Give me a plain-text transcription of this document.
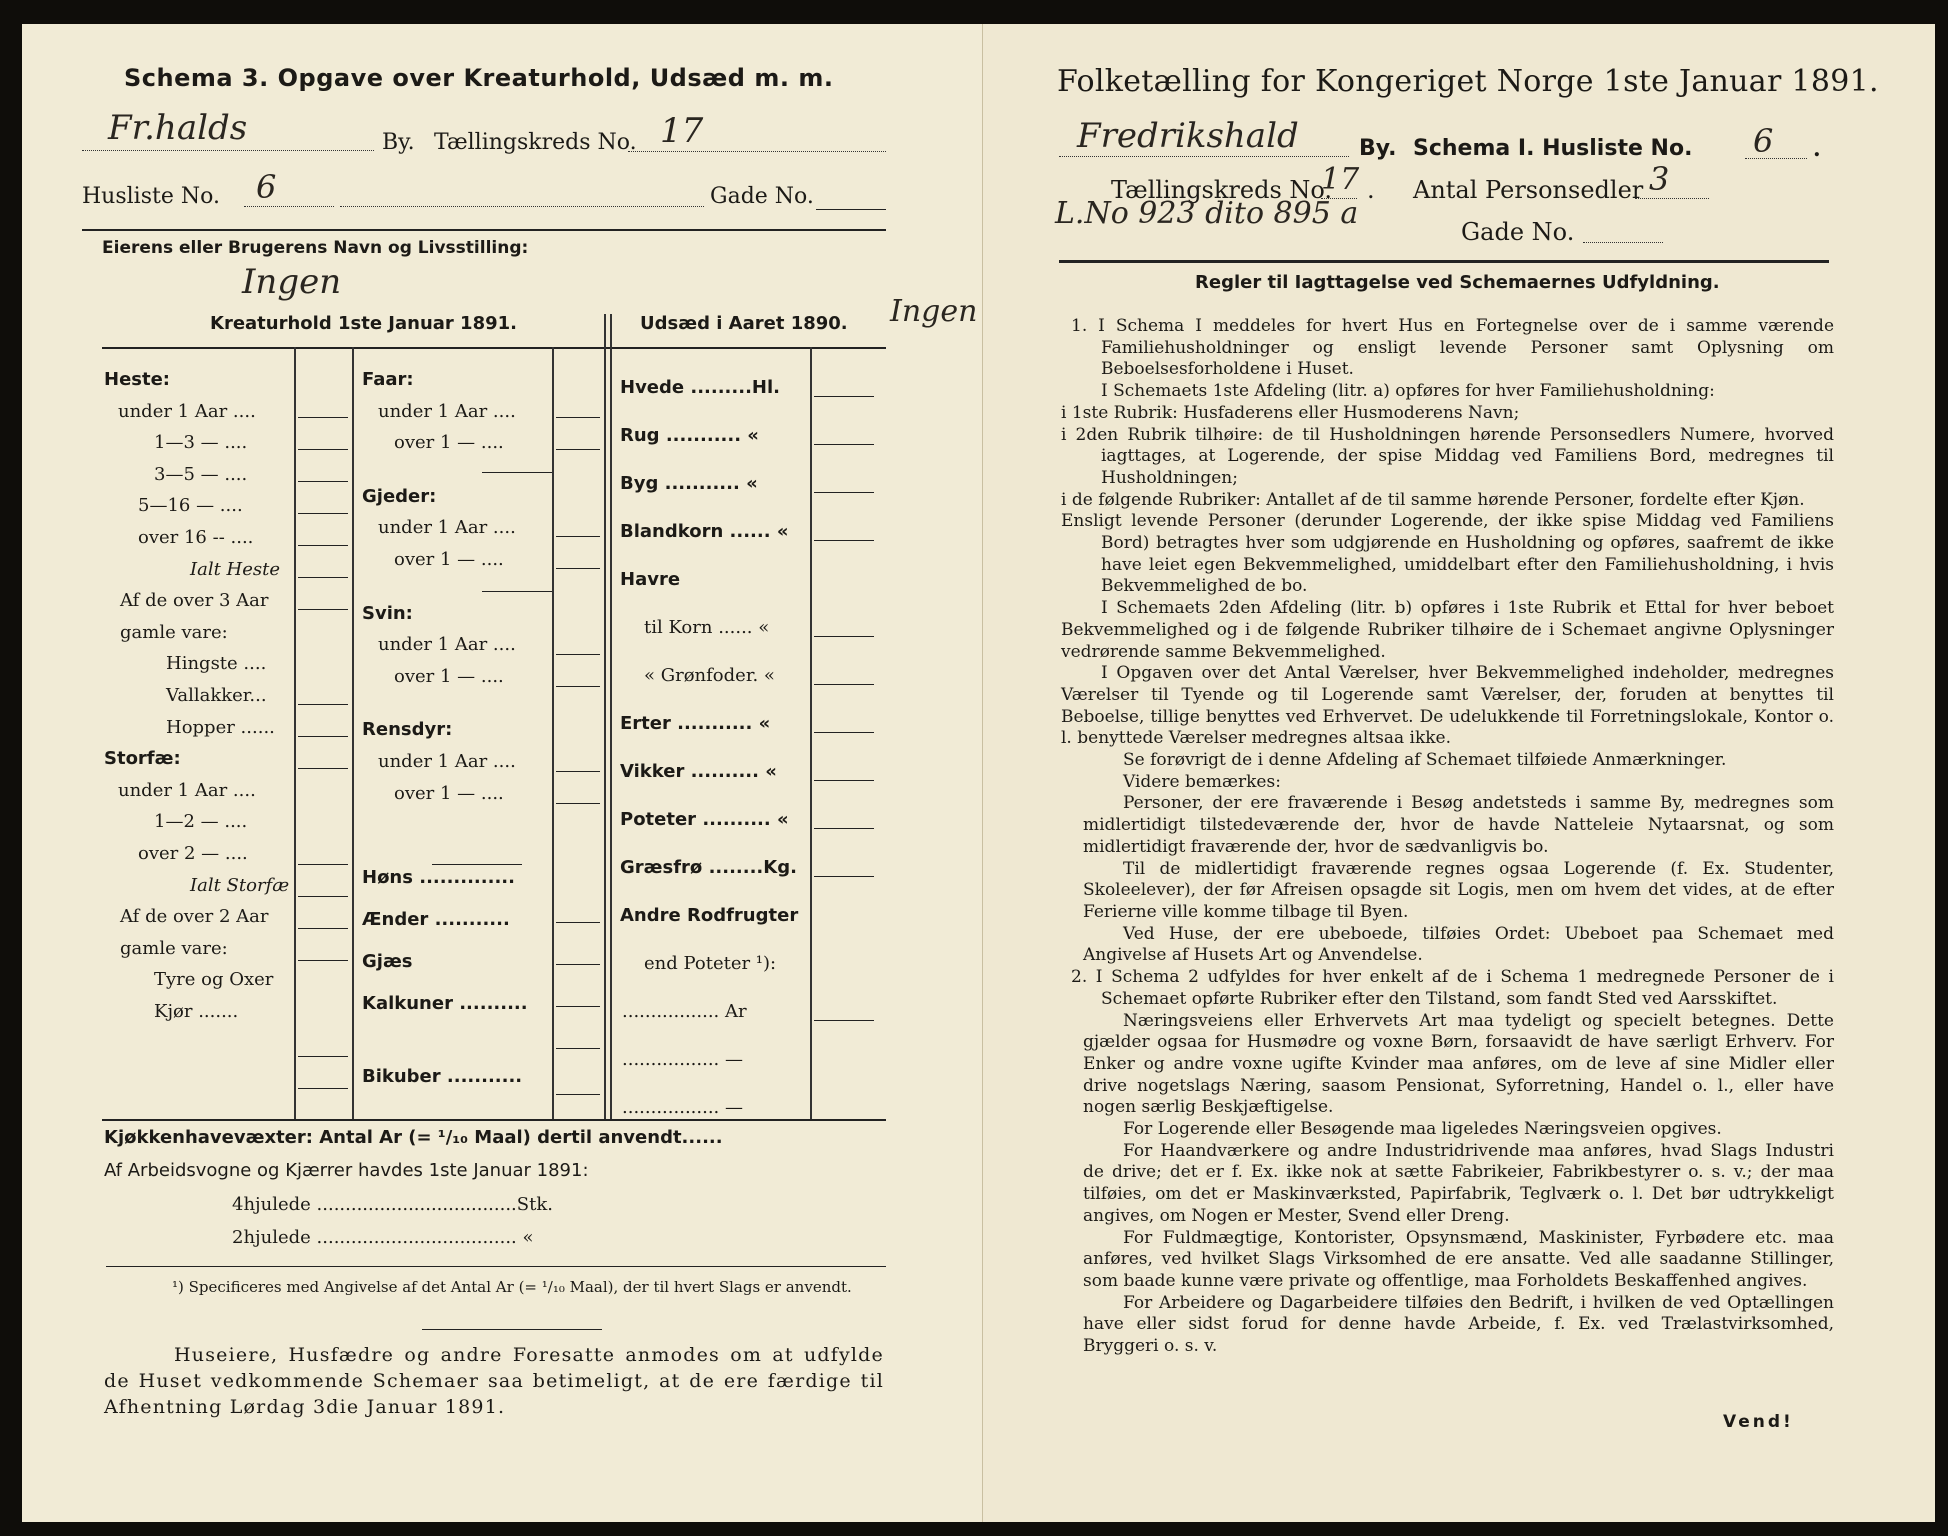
Schema 3. Opgave over Kreaturhold, Udsæd m. m.
Fr.halds	By. Tællingskreds No. 17
Husliste No. 6	Gade No.
Eierens eller Brugerens Navn og Livsstilling:
Ingen
Kreaturhold 1ste Januar 1891.	Udsæd i Aaret 1890. Ingen
Heste:
under 1 Aar ....
1—3 — ....
3—5 — ....
5—16 — ....
over 16 -- ....
Ialt Heste
Af de over 3 Aar
gamle vare:
Hingste ....
Vallakker...
Hopper ......
Storfæ:
under 1 Aar ....
1—2 — ....
over 2 — ....
Ialt Storfæ
Af de over 2 Aar
gamle vare:
Tyre og Oxer
Kjør .......
Faar:
under 1 Aar ....
over 1 — ....
Gjeder:
under 1 Aar ....
over 1 — ....
Svin:
under 1 Aar ....
over 1 — ....
Rensdyr:
under 1 Aar ....
over 1 — ....
Høns ..............
Ænder ...........
Gjæs
Kalkuner ..........
Bikuber ...........
Hvede .........Hl.
Rug ........... «
Byg ........... «
Blandkorn ...... «
Havre
til Korn ...... «
« Grønfoder. «
Erter ........... «
Vikker .......... «
Poteter .......... «
Græsfrø ........Kg.
Andre Rodfrugter
end Poteter ¹):
................. Ar
................. —
................. —
Kjøkkenhavevæxter: Antal Ar (= ¹/₁₀ Maal) dertil anvendt......
Af Arbeidsvogne og Kjærrer havdes 1ste Januar 1891:
4hjulede ...................................Stk.
2hjulede ................................... «
¹) Specificeres med Angivelse af det Antal Ar (= ¹/₁₀ Maal), der til hvert Slags er anvendt.
Huseiere, Husfædre og andre Foresatte anmodes om at udfylde de Huset vedkommende Schemaer saa betimeligt, at de ere færdige til Afhentning Lørdag 3die Januar 1891.
Folketælling for Kongeriget Norge 1ste Januar 1891.
Fredrikshald	By. Schema I. Husliste No. 6 .
Tællingskreds No.
17 . Antal Personsedler 3
L.No 923 dito 895 a
Gade No.
Regler til Iagttagelse ved Schemaernes Udfyldning.

1. I Schema I meddeles for hvert Hus en Fortegnelse over de i samme værende Familiehusholdninger og ensligt levende Personer samt Oplysning om Beboelsesforholdene i Huset.

I Schemaets 1ste Afdeling (litr. a) opføres for hver Familiehusholdning:

i 1ste Rubrik: Husfaderens eller Husmoderens Navn;

i 2den Rubrik tilhøire: de til Husholdningen hørende Personsedlers Numere, hvorved iagttages, at Logerende, der spise Middag ved Familiens Bord, medregnes til Husholdningen;

i de følgende Rubriker: Antallet af de til samme hørende Personer, fordelte efter Kjøn.

Ensligt levende Personer (derunder Logerende, der ikke spise Middag ved Familiens Bord) betragtes hver som udgjørende en Husholdning og opføres, saafremt de ikke have leiet egen Bekvemmelighed, umiddelbart efter den Familiehusholdning, i hvis Bekvemmelighed de bo.

I Schemaets 2den Afdeling (litr. b) opføres i 1ste Rubrik et Ettal for hver beboet Bekvemmelighed og i de følgende Rubriker tilhøire de i Schemaet angivne Oplysninger vedrørende samme Bekvemmelighed.

I Opgaven over det Antal Værelser, hver Bekvemmelighed indeholder, medregnes Værelser til Tyende og til Logerende samt Værelser, der, foruden at benyttes til Beboelse, tillige benyttes ved Erhvervet. De udelukkende til Forretningslokale, Kontor o. l. benyttede Værelser medregnes altsaa ikke.

Se forøvrigt de i denne Afdeling af Schemaet tilføiede Anmærkninger.

Videre bemærkes:

Personer, der ere fraværende i Besøg andetsteds i samme By, medregnes som midlertidigt tilstedeværende der, hvor de havde Natteleie Nytaarsnat, og som midlertidigt fraværende der, hvor de sædvanligvis bo.

Til de midlertidigt fraværende regnes ogsaa Logerende (f. Ex. Studenter, Skoleelever), der før Afreisen opsagde sit Logis, men om hvem det vides, at de efter Ferierne ville komme tilbage til Byen.

Ved Huse, der ere ubeboede, tilføies Ordet: Ubeboet paa Schemaet med Angivelse af Husets Art og Anvendelse.

2. I Schema 2 udfyldes for hver enkelt af de i Schema 1 medregnede Personer de i Schemaet opførte Rubriker efter den Tilstand, som fandt Sted ved Aarsskiftet.

Næringsveiens eller Erhvervets Art maa tydeligt og specielt betegnes. Dette gjælder ogsaa for Husmødre og voxne Børn, forsaavidt de have særligt Erhverv. For Enker og andre voxne ugifte Kvinder maa anføres, om de leve af sine Midler eller drive nogetslags Næring, saasom Pensionat, Syforretning, Handel o. l., eller have nogen særlig Beskjæftigelse.

For Logerende eller Besøgende maa ligeledes Næringsveien opgives.

For Haandværkere og andre Industridrivende maa anføres, hvad Slags Industri de drive; det er f. Ex. ikke nok at sætte Fabrikeier, Fabrikbestyrer o. s. v.; der maa tilføies, om det er Maskinværksted, Papirfabrik, Teglværk o. l. Det bør udtrykkeligt angives, om Nogen er Mester, Svend eller Dreng.

For Fuldmægtige, Kontorister, Opsynsmænd, Maskinister, Fyrbødere etc. maa anføres, ved hvilket Slags Virksomhed de ere ansatte. Ved alle saadanne Stillinger, som baade kunne være private og offentlige, maa Forholdets Beskaffenhed angives.

For Arbeidere og Dagarbeidere tilføies den Bedrift, i hvilken de ved Optællingen have eller sidst forud for denne havde Arbeide, f. Ex. ved Trælastvirksomhed, Bryggeri o. s. v.

Vend!
